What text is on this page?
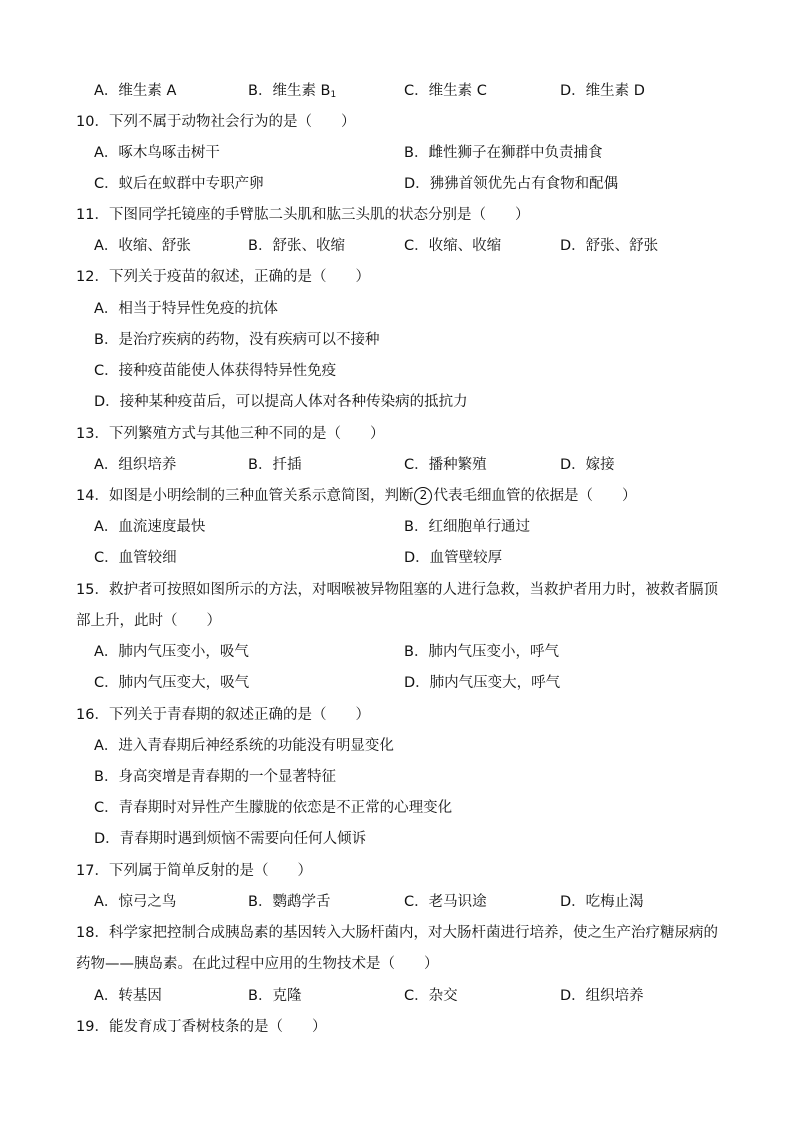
A．维生素 A	B．维生素 $B_1$	C．维生素 C	D．维生素 D
10．下列不属于动物社会行为的是（　　）
A．啄木鸟啄击树干	B．雌性狮子在狮群中负责捕食
C．蚁后在蚁群中专职产卵	D．狒狒首领优先占有食物和配偶
11．下图同学托镜座的手臂肱二头肌和肱三头肌的状态分别是（　　）
A．收缩、舒张	B．舒张、收缩	C．收缩、收缩	D．舒张、舒张
12．下列关于疫苗的叙述，正确的是（　　）
A．相当于特异性免疫的抗体
B．是治疗疾病的药物，没有疾病可以不接种
C．接种疫苗能使人体获得特异性免疫
D．接种某种疫苗后，可以提高人体对各种传染病的抵抗力
13．下列繁殖方式与其他三种不同的是（　　）
A．组织培养	B．扦插	C．播种繁殖	D．嫁接
14．如图是小明绘制的三种血管关系示意简图，判断 2 代表毛细血管的依据是（　　）
A．血流速度最快	B．红细胞单行通过
C．血管较细	D．血管壁较厚
15．救护者可按照如图所示的方法，对咽喉被异物阻塞的人进行急救，当救护者用力时，被救者膈顶
部上升，此时（　　）
A．肺内气压变小，吸气	B．肺内气压变小，呼气
C．肺内气压变大，吸气	D．肺内气压变大，呼气
16．下列关于青春期的叙述正确的是（　　）
A．进入青春期后神经系统的功能没有明显变化
B．身高突增是青春期的一个显著特征
C．青春期时对异性产生朦胧的依恋是不正常的心理变化
D．青春期时遇到烦恼不需要向任何人倾诉
17．下列属于简单反射的是（　　）
A．惊弓之鸟	B．鹦鹉学舌	C．老马识途	D．吃梅止渴
18．科学家把控制合成胰岛素的基因转入大肠杆菌内，对大肠杆菌进行培养，使之生产治疗糖尿病的
药物——胰岛素。在此过程中应用的生物技术是（　　）
A．转基因	B．克隆	C．杂交	D．组织培养
19．能发育成丁香树枝条的是（　　）
